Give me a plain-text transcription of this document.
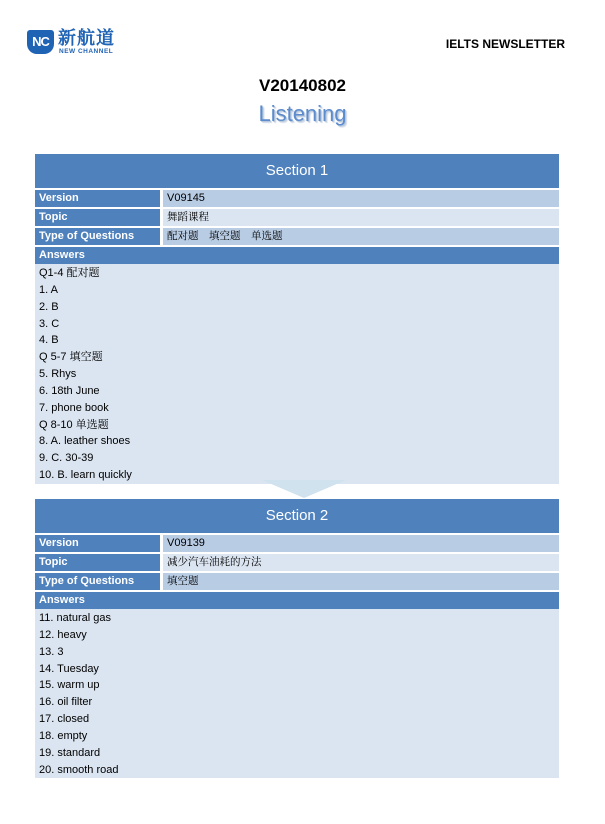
NC 新航道
NEW CHANNEL
IELTS NEWSLETTER
V20140802
Listening
Section 1
Version	V09145
Topic	舞蹈课程
Type of Questions	配对题　填空题　单选题
Answers
Q1-4 配对题
1. A
2. B
3. C
4. B
Q 5-7 填空题
5. Rhys
6. 18th June
7. phone book
Q 8-10 单选题
8. A. leather shoes
9. C. 30-39
10. B. learn quickly
Section 2
Version	V09139
Topic	减少汽车油耗的方法
Type of Questions	填空题
Answers
11. natural gas
12. heavy
13. 3
14. Tuesday
15. warm up
16. oil filter
17. closed
18. empty
19. standard
20. smooth road
